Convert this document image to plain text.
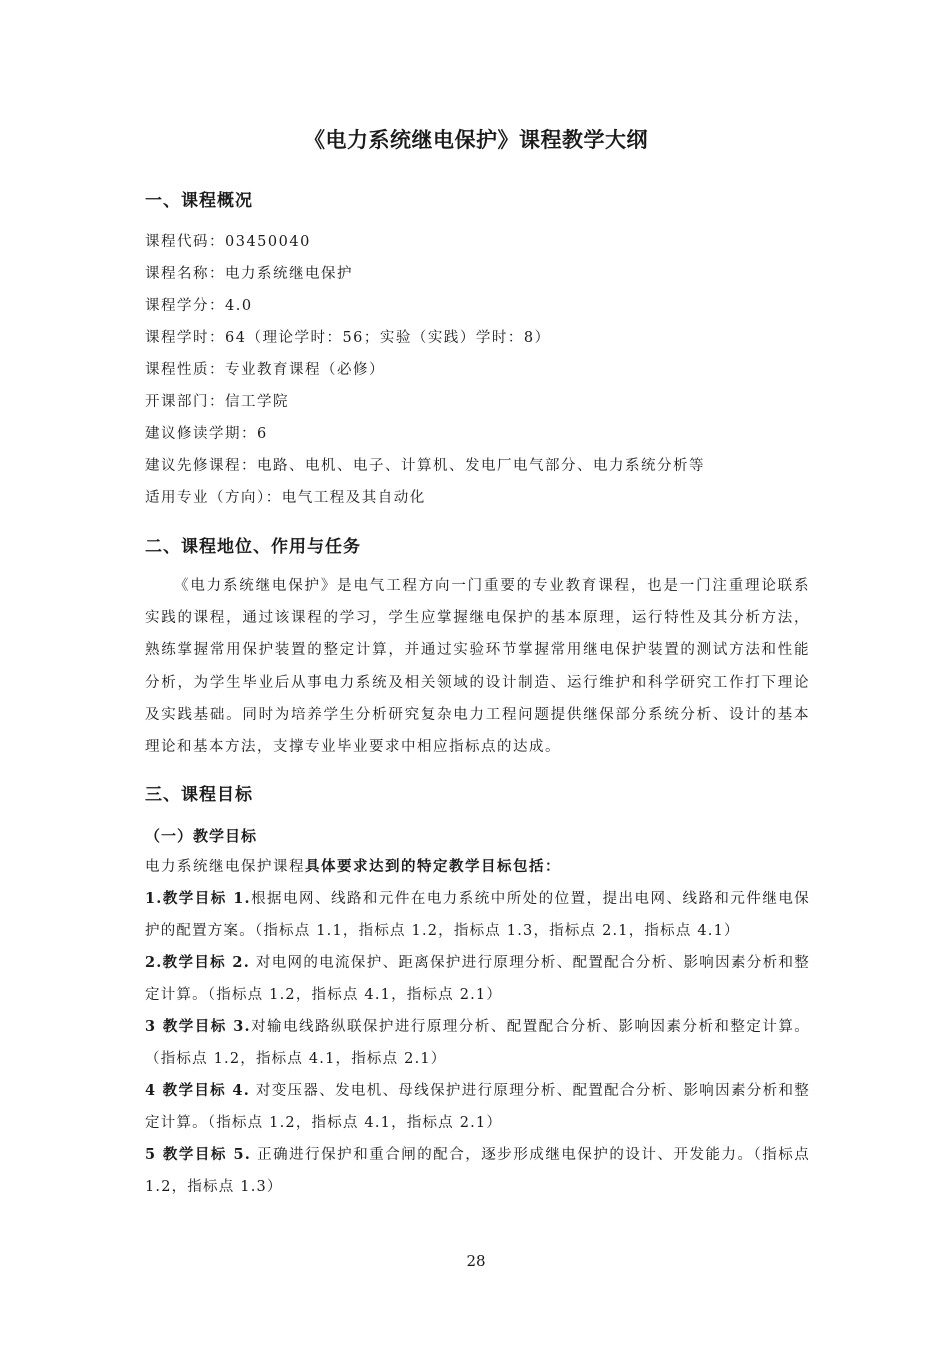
《电力系统继电保护》课程教学大纲
一、课程概况
课程代码：03450040
课程名称：电力系统继电保护
课程学分：4.0
课程学时：64（理论学时：56；实验（实践）学时：8）
课程性质：专业教育课程（必修）
开课部门：信工学院
建议修读学期：6
建议先修课程：电路、电机、电子、计算机、发电厂电气部分、电力系统分析等
适用专业（方向）：电气工程及其自动化
二、课程地位、作用与任务
《电力系统继电保护》是电气工程方向一门重要的专业教育课程，也是一门注重理论联系实践的课程，通过该课程的学习，学生应掌握继电保护的基本原理，运行特性及其分析方法，熟练掌握常用保护装置的整定计算，并通过实验环节掌握常用继电保护装置的测试方法和性能分析，为学生毕业后从事电力系统及相关领域的设计制造、运行维护和科学研究工作打下理论及实践基础。同时为培养学生分析研究复杂电力工程问题提供继保部分系统分析、设计的基本理论和基本方法，支撑专业毕业要求中相应指标点的达成。
三、课程目标
（一）教学目标
电力系统继电保护课程具体要求达到的特定教学目标包括：

1.教学目标 1.根据电网、线路和元件在电力系统中所处的位置，提出电网、线路和元件继电保护的配置方案。（指标点 1.1，指标点 1.2，指标点 1.3，指标点 2.1，指标点 4.1）

2.教学目标 2. 对电网的电流保护、距离保护进行原理分析、配置配合分析、影响因素分析和整定计算。（指标点 1.2，指标点 4.1，指标点 2.1）

3 教学目标 3.对输电线路纵联保护进行原理分析、配置配合分析、影响因素分析和整定计算。（指标点 1.2，指标点 4.1，指标点 2.1）

4 教学目标 4. 对变压器、发电机、母线保护进行原理分析、配置配合分析、影响因素分析和整定计算。（指标点 1.2，指标点 4.1，指标点 2.1）

5 教学目标 5. 正确进行保护和重合闸的配合，逐步形成继电保护的设计、开发能力。（指标点 1.2，指标点 1.3）

28
